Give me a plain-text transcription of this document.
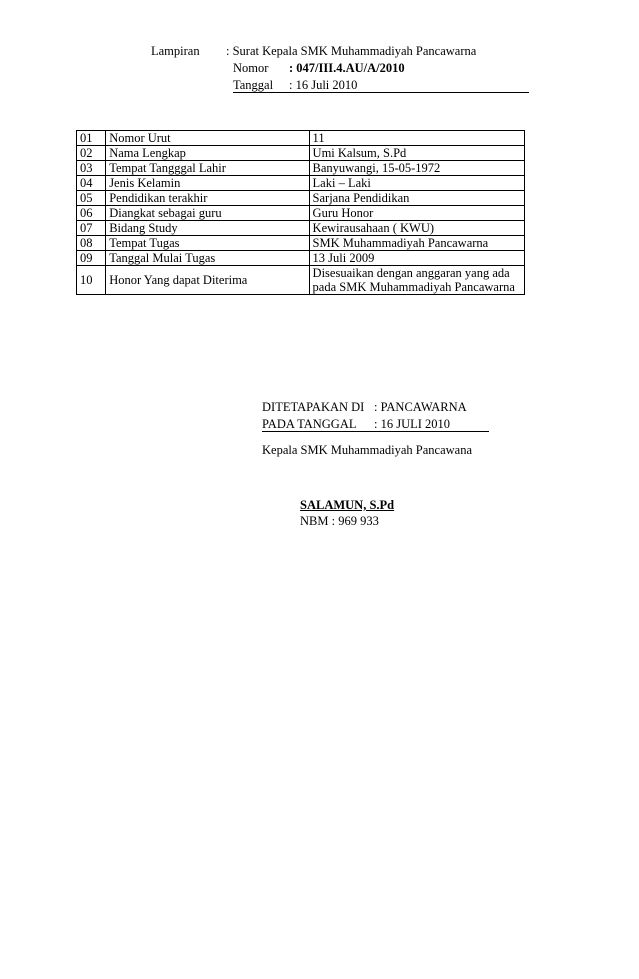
Lampiran : Surat Kepala SMK Muhammadiyah Pancawarna
Nomor : 047/III.4.AU/A/2010
Tanggal : 16 Juli 2010
01	Nomor Urut	11
02	Nama Lengkap	Umi Kalsum, S.Pd
03	Tempat Tangggal Lahir	Banyuwangi, 15-05-1972
04	Jenis Kelamin	Laki – Laki
05	Pendidikan terakhir	Sarjana Pendidikan
06	Diangkat sebagai guru	Guru Honor
07	Bidang Study	Kewirausahaan ( KWU)
08	Tempat Tugas	SMK Muhammadiyah Pancawarna
09	Tanggal Mulai Tugas	13 Juli 2009
10	Honor Yang dapat Diterima	Disesuaikan dengan anggaran yang ada
pada SMK Muhammadiyah Pancawarna
DITETAPAKAN DI : PANCAWARNA
PADA TANGGAL : 16 JULI 2010
Kepala SMK Muhammadiyah Pancawana
SALAMUN, S.Pd
NBM : 969 933
